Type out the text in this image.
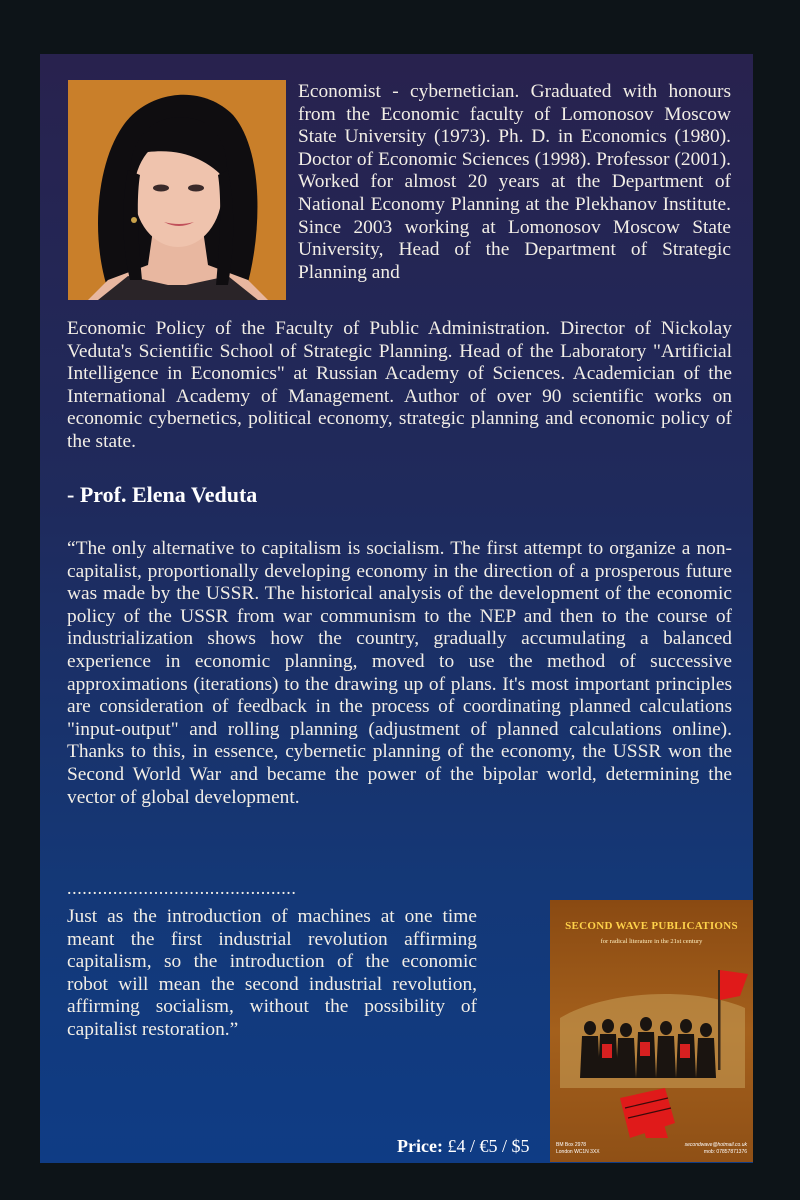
Economist - cybernetician. Graduated with honours from the Economic faculty of Lomonosov Moscow State University (1973). Ph. D. in Economics (1980). Doctor of Economic Sciences (1998). Professor (2001). Worked for almost 20 years at the Department of National Economy Planning at the Plekhanov Institute. Since 2003 working at Lomonosov Moscow State University, Head of the Department of Strategic Planning and
Economic Policy of the Faculty of Public Administration. Director of Nickolay Veduta's Scientific School of Strategic Planning. Head of the Laboratory "Artificial Intelligence in Economics" at Russian Academy of Sciences. Academician of the International Academy of Management. Author of over 90 scientific works on economic cybernetics, political economy, strategic planning and economic policy of the state.
- Prof. Elena Veduta
“The only alternative to capitalism is socialism. The first attempt to organize a non-capitalist, proportionally developing economy in the direction of a prosperous future was made by the USSR. The historical analysis of the development of the economic policy of the USSR from war communism to the NEP and then to the course of industrialization shows how the country, gradually accumulating a balanced experience in economic planning, moved to use the method of successive approximations (iterations) to the drawing up of plans. It's most important principles are consideration of feedback in the process of coordinating planned calculations "input-output" and rolling planning (adjustment of planned calculations online). Thanks to this, in essence, cybernetic planning of the economy, the USSR won the Second World War and became the power of the bipolar world, determining the vector of global development.
.............................................
Just as the introduction of machines at one time meant the first industrial revolution affirming capitalism, so the introduction of the economic robot will mean the second industrial revolution, affirming socialism, without the possibility of capitalist restoration.”
Price: £4 / €5 / $5
SECOND WAVE PUBLICATIONS
for radical literature in the 21st century
BM Box 2978
London WC1N 3XX
secondwave@hotmail.co.uk
mob: 07857871376
